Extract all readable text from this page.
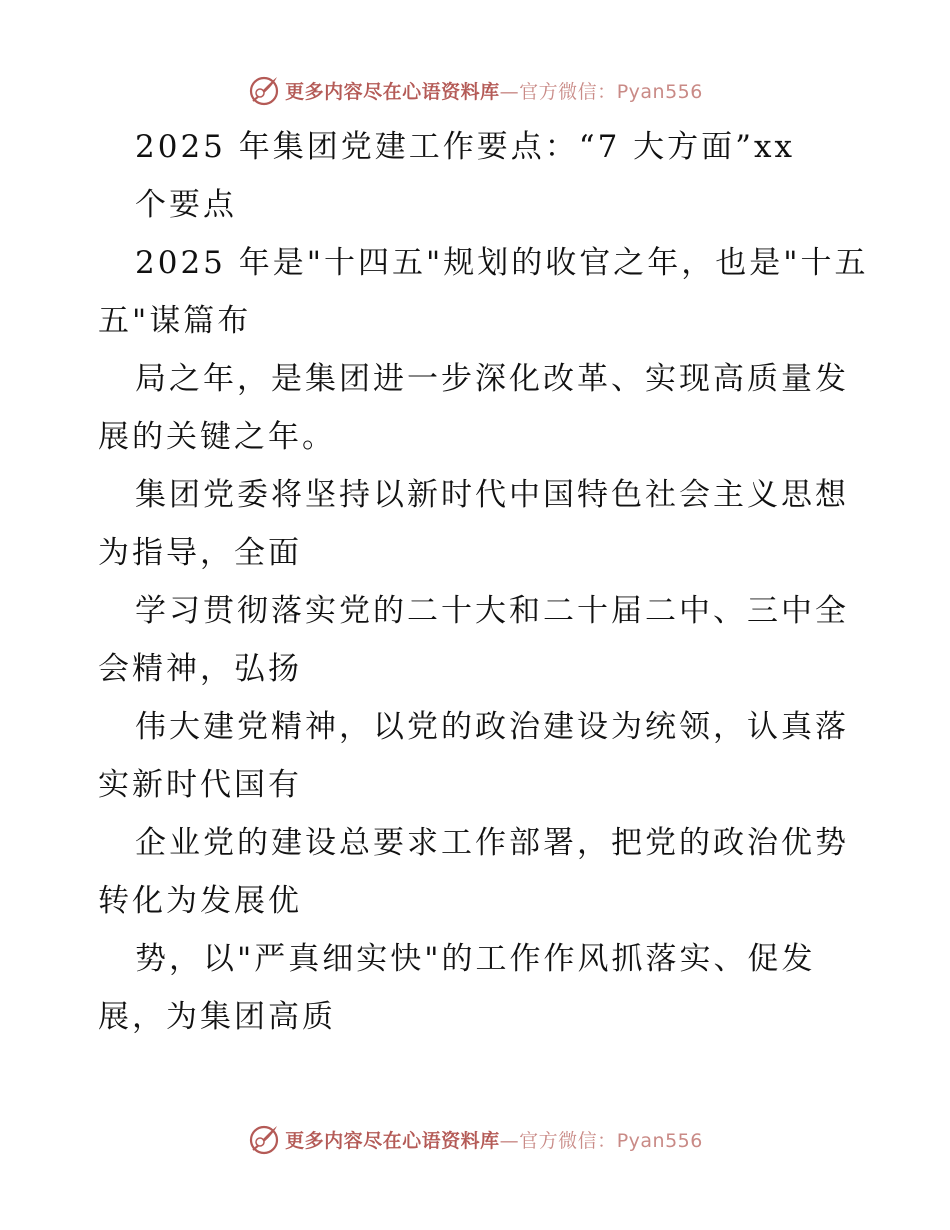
更多内容尽在心语资料库—官方微信：Pyan556
2025 年集团党建工作要点：“7 大方面”xx
个要点
2025 年是"十四五"规划的收官之年，也是"十五
五"谋篇布
局之年，是集团进一步深化改革、实现高质量发
展的关键之年。
集团党委将坚持以新时代中国特色社会主义思想
为指导，全面
学习贯彻落实党的二十大和二十届二中、三中全
会精神，弘扬
伟大建党精神，以党的政治建设为统领，认真落
实新时代国有
企业党的建设总要求工作部署，把党的政治优势
转化为发展优
势，以"严真细实快"的工作作风抓落实、促发
展，为集团高质
更多内容尽在心语资料库—官方微信：Pyan556
